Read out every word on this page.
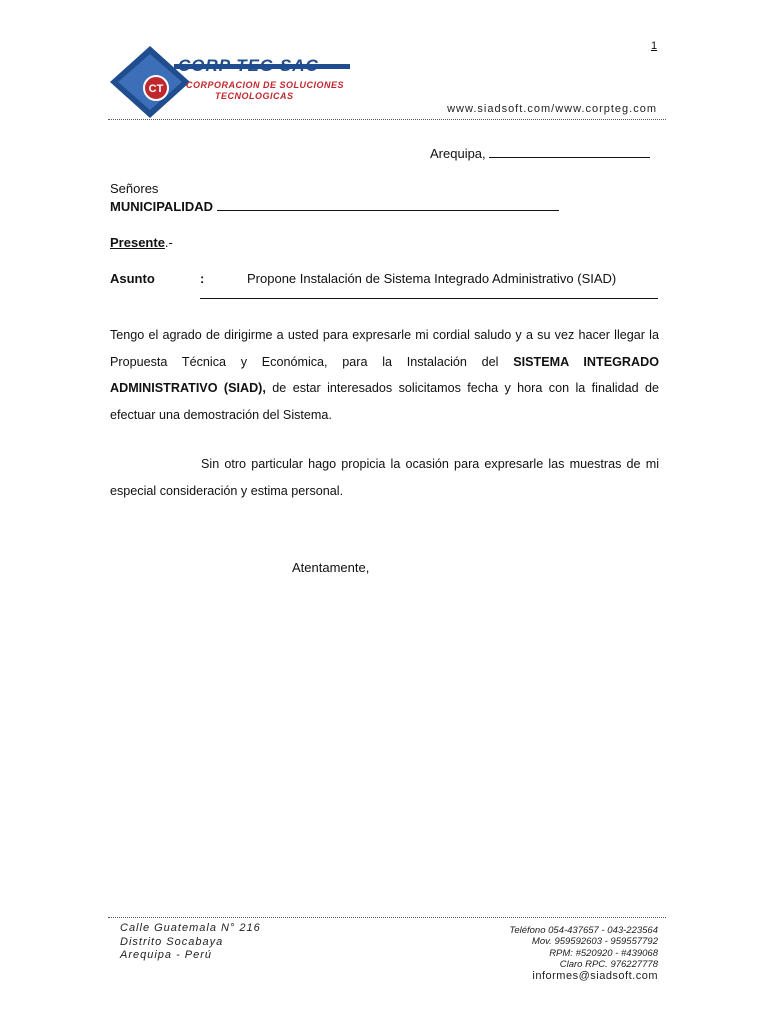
1
CT
CORP TEG SAC
CORPORACION DE SOLUCIONES
TECNOLOGICAS
www.siadsoft.com/www.corpteg.com
Arequipa,
Señores
MUNICIPALIDAD
Presente.-
Asunto	:	Propone Instalación de Sistema Integrado Administrativo (SIAD)
Tengo el agrado de dirigirme a usted para expresarle mi cordial saludo y a su vez hacer llegar la Propuesta Técnica y Económica, para la Instalación del SISTEMA INTEGRADO ADMINISTRATIVO (SIAD), de estar interesados solicitamos fecha y hora con la finalidad de efectuar una demostración del Sistema.
Sin otro particular hago propicia la ocasión para expresarle las muestras de mi especial consideración y estima personal.
Atentamente,
Calle Guatemala N° 216
Distrito Socabaya
Arequipa - Perú
Teléfono 054-437657 - 043-223564
Mov. 959592603 - 959557792
RPM: #520920 - #439068
Claro RPC. 976227778
informes@siadsoft.com
